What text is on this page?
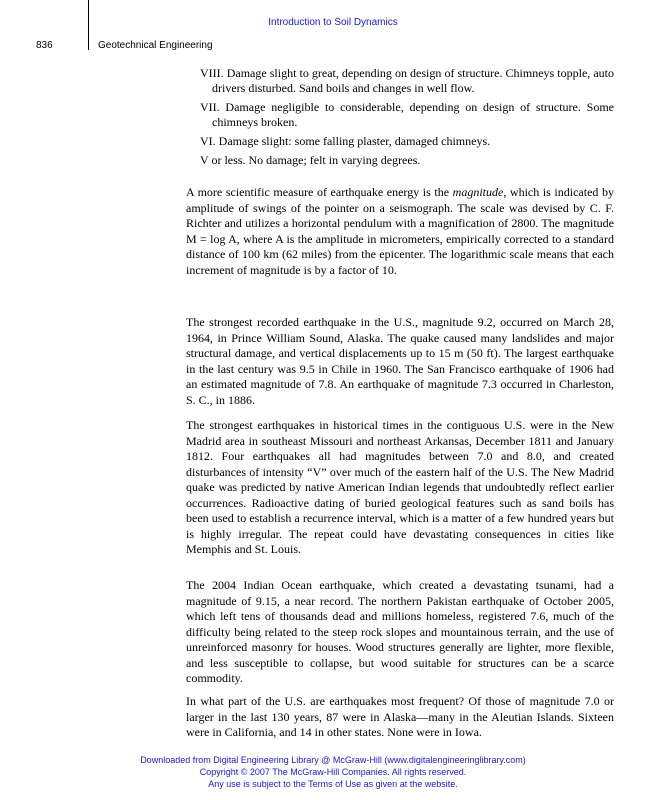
Introduction to Soil Dynamics
836	Geotechnical Engineering
VIII. Damage slight to great, depending on design of structure. Chimneys topple, auto drivers disturbed. Sand boils and changes in well flow.
VII. Damage negligible to considerable, depending on design of structure. Some chimneys broken.
VI. Damage slight: some falling plaster, damaged chimneys.
V or less. No damage; felt in varying degrees.
A more scientific measure of earthquake energy is the magnitude, which is indicated by amplitude of swings of the pointer on a seismograph. The scale was devised by C. F. Richter and utilizes a horizontal pendulum with a magnification of 2800. The magnitude M = log A, where A is the amplitude in micrometers, empirically corrected to a standard distance of 100 km (62 miles) from the epicenter. The logarithmic scale means that each increment of magnitude is by a factor of 10.
The strongest recorded earthquake in the U.S., magnitude 9.2, occurred on March 28, 1964, in Prince William Sound, Alaska. The quake caused many landslides and major structural damage, and vertical displacements up to 15 m (50 ft). The largest earthquake in the last century was 9.5 in Chile in 1960. The San Francisco earthquake of 1906 had an estimated magnitude of 7.8. An earthquake of magnitude 7.3 occurred in Charleston, S. C., in 1886.
The strongest earthquakes in historical times in the contiguous U.S. were in the New Madrid area in southeast Missouri and northeast Arkansas, December 1811 and January 1812. Four earthquakes all had magnitudes between 7.0 and 8.0, and created disturbances of intensity “V” over much of the eastern half of the U.S. The New Madrid quake was predicted by native American Indian legends that undoubtedly reflect earlier occurrences. Radioactive dating of buried geological features such as sand boils has been used to establish a recurrence interval, which is a matter of a few hundred years but is highly irregular. The repeat could have devastating consequences in cities like Memphis and St. Louis.
The 2004 Indian Ocean earthquake, which created a devastating tsunami, had a magnitude of 9.15, a near record. The northern Pakistan earthquake of October 2005, which left tens of thousands dead and millions homeless, registered 7.6, much of the difficulty being related to the steep rock slopes and mountainous terrain, and the use of unreinforced masonry for houses. Wood structures generally are lighter, more flexible, and less susceptible to collapse, but wood suitable for structures can be a scarce commodity.
In what part of the U.S. are earthquakes most frequent? Of those of magnitude 7.0 or larger in the last 130 years, 87 were in Alaska—many in the Aleutian Islands. Sixteen were in California, and 14 in other states. None were in Iowa.
Downloaded from Digital Engineering Library @ McGraw-Hill (www.digitalengineeringlibrary.com)
Copyright © 2007 The McGraw-Hill Companies. All rights reserved.
Any use is subject to the Terms of Use as given at the website.
